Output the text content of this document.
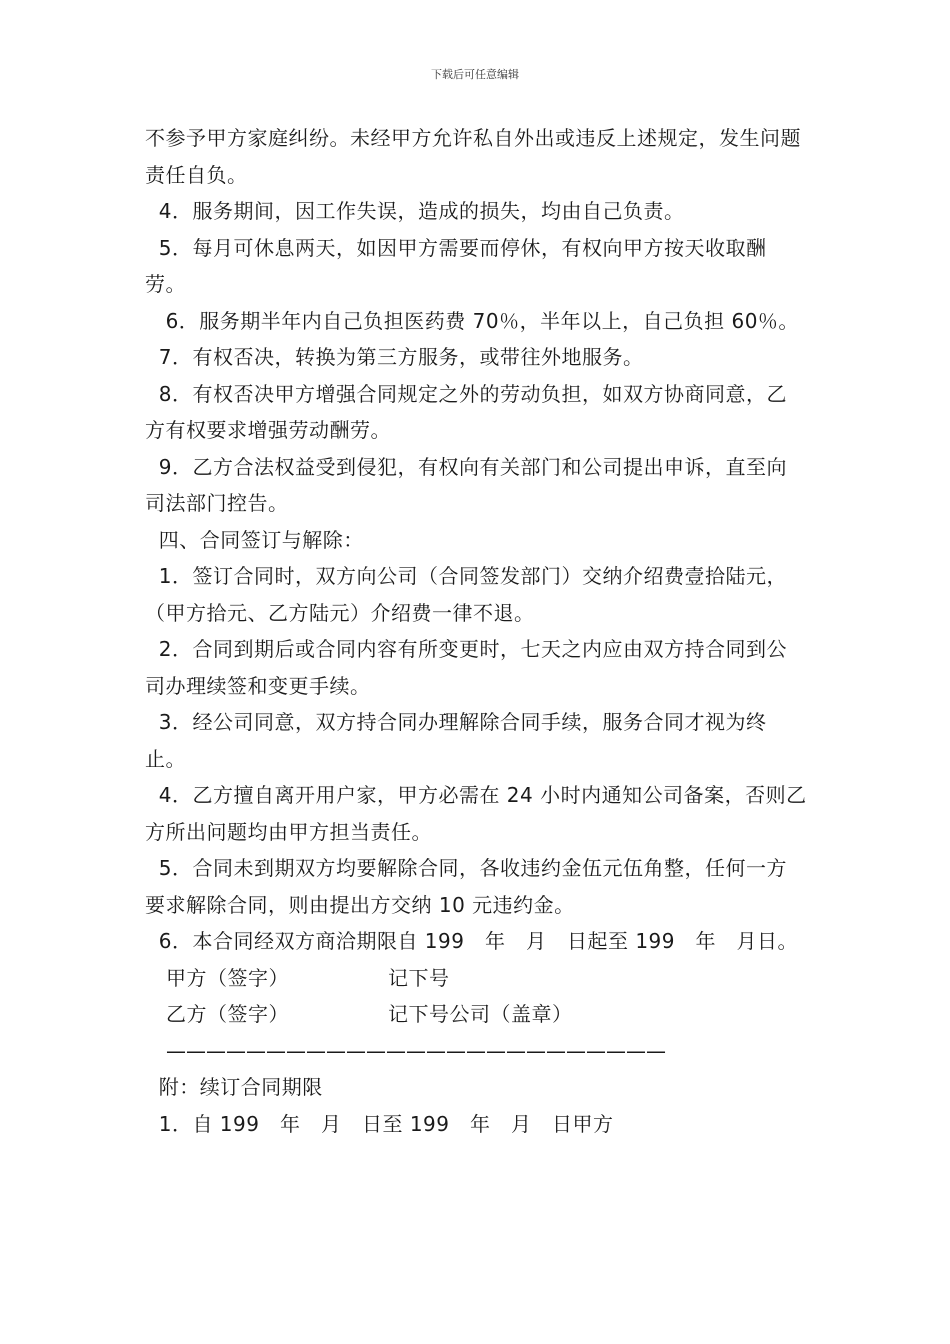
下载后可任意编辑

不参予甲方家庭纠纷。未经甲方允许私自外出或违反上述规定，发生问题责任自负。

4．服务期间，因工作失误，造成的损失，均由自己负责。

5．每月可休息两天，如因甲方需要而停休，有权向甲方按天收取酬劳。

6．服务期半年内自己负担医药费 70％，半年以上，自己负担 60％。

7．有权否决，转换为第三方服务，或带往外地服务。

8．有权否决甲方增强合同规定之外的劳动负担，如双方协商同意，乙方有权要求增强劳动酬劳。

9．乙方合法权益受到侵犯，有权向有关部门和公司提出申诉，直至向司法部门控告。

四、合同签订与解除：

1．签订合同时，双方向公司（合同签发部门）交纳介绍费壹拾陆元，（甲方拾元、乙方陆元）介绍费一律不退。

2．合同到期后或合同内容有所变更时，七天之内应由双方持合同到公司办理续签和变更手续。

3．经公司同意，双方持合同办理解除合同手续，服务合同才视为终止。

4．乙方擅自离开用户家，甲方必需在 24 小时内通知公司备案，否则乙方所出问题均由甲方担当责任。

5．合同未到期双方均要解除合同，各收违约金伍元伍角整，任何一方要求解除合同，则由提出方交纳 10 元违约金。

6．本合同经双方商洽期限自 199　年　月　日起至 199　年　月日。

甲方（签字）	记下号
乙方（签字）	记下号公司（盖章）

—————————————————————————

附：续订合同期限

1．自 199　年　月　日至 199　年　月　日甲方
